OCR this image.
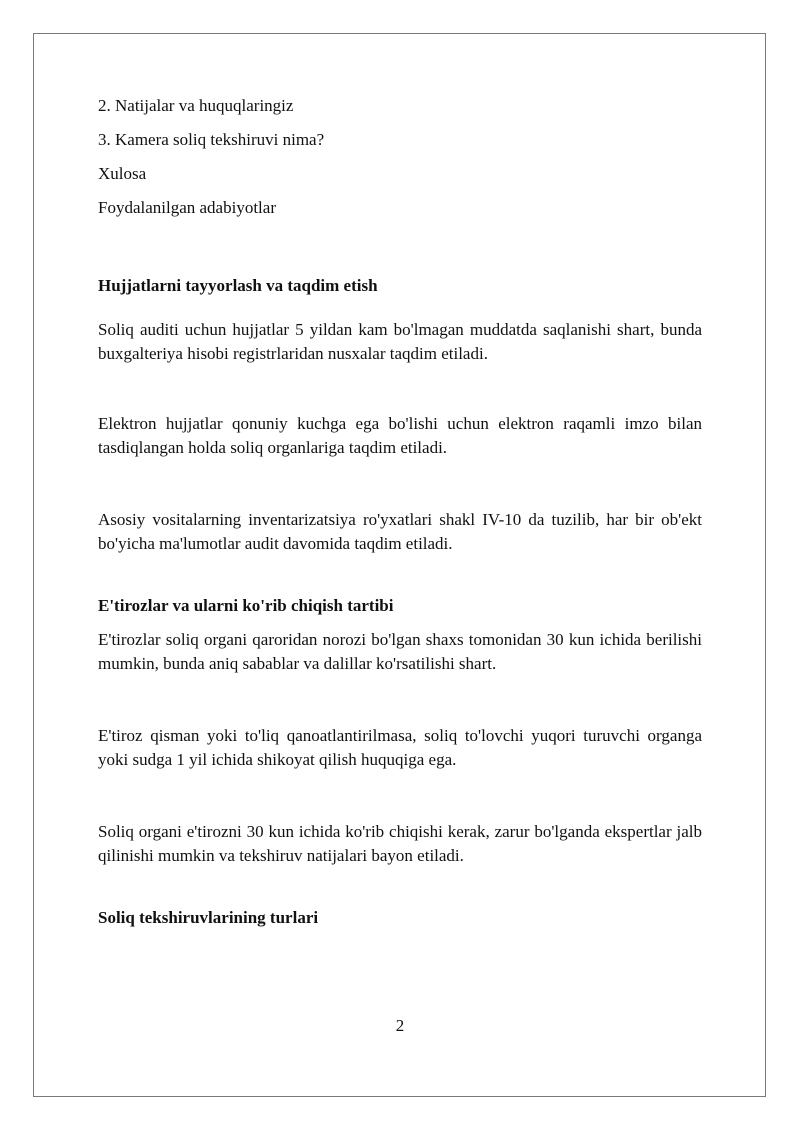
2. Natijalar va huquqlaringiz
3. Kamera soliq tekshiruvi nima?
Xulosa
Foydalanilgan adabiyotlar
Hujjatlarni tayyorlash va taqdim etish

Soliq auditi uchun hujjatlar 5 yildan kam bo'lmagan muddatda saqlanishi shart, bunda buxgalteriya hisobi registrlaridan nusxalar taqdim etiladi.

Elektron hujjatlar qonuniy kuchga ega bo'lishi uchun elektron raqamli imzo bilan tasdiqlangan holda soliq organlariga taqdim etiladi.

Asosiy vositalarning inventarizatsiya ro'yxatlari shakl IV-10 da tuzilib, har bir ob'ekt bo'yicha ma'lumotlar audit davomida taqdim etiladi.

E'tirozlar va ularni ko'rib chiqish tartibi

E'tirozlar soliq organi qaroridan norozi bo'lgan shaxs tomonidan 30 kun ichida berilishi mumkin, bunda aniq sabablar va dalillar ko'rsatilishi shart.

E'tiroz qisman yoki to'liq qanoatlantirilmasa, soliq to'lovchi yuqori turuvchi organga yoki sudga 1 yil ichida shikoyat qilish huquqiga ega.

Soliq organi e'tirozni 30 kun ichida ko'rib chiqishi kerak, zarur bo'lganda ekspertlar jalb qilinishi mumkin va tekshiruv natijalari bayon etiladi.

Soliq tekshiruvlarining turlari
2
